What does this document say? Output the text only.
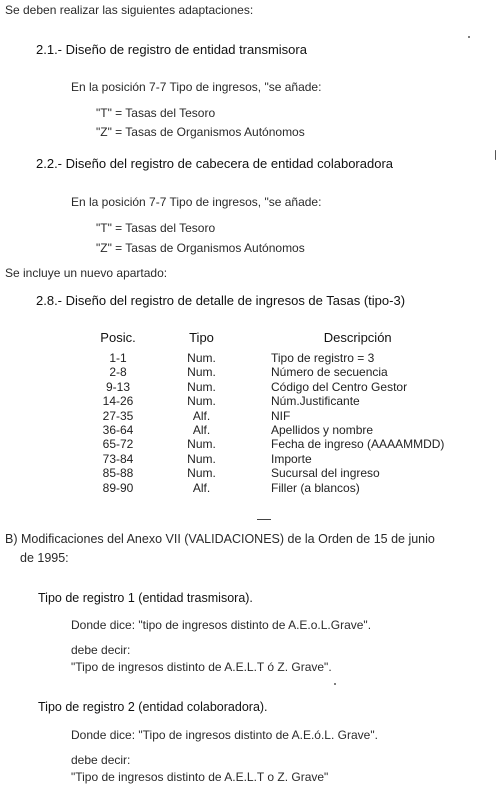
Se deben realizar las siguientes adaptaciones:
2.1.- Diseño de registro de entidad transmisora
En la posición 7-7 Tipo de ingresos, "se añade:
"T" = Tasas del Tesoro
"Z" = Tasas de Organismos Autónomos
2.2.- Diseño del registro de cabecera de entidad colaboradora
En la posición 7-7 Tipo de ingresos, "se añade:
"T" = Tasas del Tesoro
"Z" = Tasas de Organismos Autónomos
Se incluye un nuevo apartado:
2.8.- Diseño del registro de detalle de ingresos de Tasas (tipo-3)
Posic.	Tipo	Descripción
1-1	Num.	Tipo de registro = 3
2-8	Num.	Número de secuencia
9-13	Num.	Código del Centro Gestor
14-26	Num.	Núm.Justificante
27-35	Alf.	NIF
36-64	Alf.	Apellidos y nombre
65-72	Num.	Fecha de ingreso (AAAAMMDD)
73-84	Num.	Importe
85-88	Num.	Sucursal del ingreso
89-90	Alf.	Filler (a blancos)
B) Modificaciones del Anexo VII (VALIDACIONES) de la Orden de 15 de junio
de 1995:
Tipo de registro 1 (entidad trasmisora).
Donde dice: "tipo de ingresos distinto de A.E.o.L.Grave".
debe decir:
"Tipo de ingresos distinto de A.E.L.T ó Z. Grave".
Tipo de registro 2 (entidad colaboradora).
Donde dice: "Tipo de ingresos distinto de A.E.ó.L. Grave".
debe decir:
"Tipo de ingresos distinto de A.E.L.T o Z. Grave"
